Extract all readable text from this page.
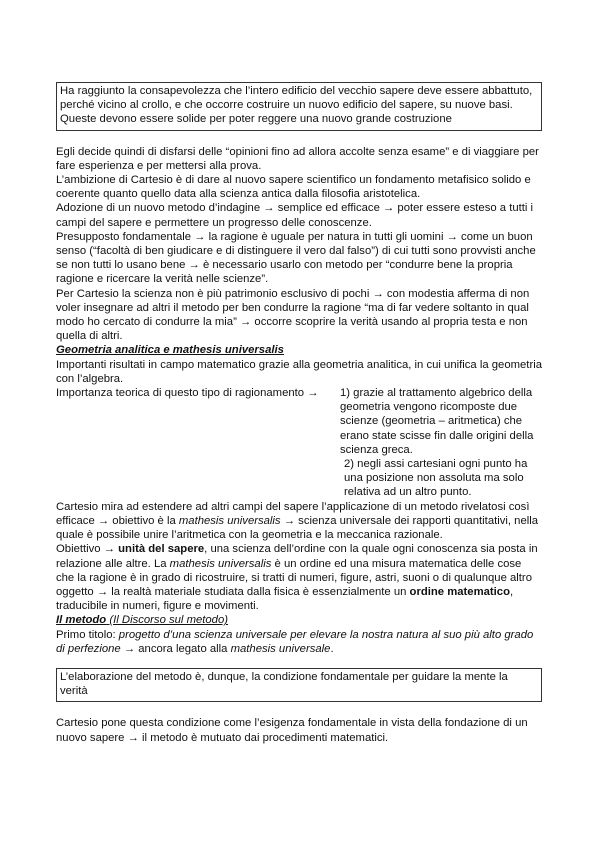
Ha raggiunto la consapevolezza che l’intero edificio del vecchio sapere deve essere abbattuto, perché vicino al crollo, e che occorre costruire un nuovo edificio del sapere, su nuove basi. Queste devono essere solide per poter reggere una nuovo grande costruzione

Egli decide quindi di disfarsi delle “opinioni fino ad allora accolte senza esame” e di viaggiare per fare esperienza e per mettersi alla prova.

L’ambizione di Cartesio è di dare al nuovo sapere scientifico un fondamento metafisico solido e coerente quanto quello data alla scienza antica dalla filosofia aristotelica.

Adozione di un nuovo metodo d’indagine → semplice ed efficace → poter essere esteso a tutti i campi del sapere e permettere un progresso delle conoscenze.

Presupposto fondamentale → la ragione è uguale per natura in tutti gli uomini → come un buon senso (“facoltà di ben giudicare e di distinguere il vero dal falso”) di cui tutti sono provvisti anche se non tutti lo usano bene → è necessario usarlo con metodo per “condurre bene la propria ragione e ricercare la verità nelle scienze”.

Per Cartesio la scienza non è più patrimonio esclusivo di pochi → con modestia afferma di non voler insegnare ad altri il metodo per ben condurre la ragione “ma di far vedere soltanto in qual modo ho cercato di condurre la mia” → occorre scoprire la verità usando al propria testa e non quella di altri.

Geometria analitica e mathesis universalis

Importanti risultati in campo matematico grazie alla geometria analitica, in cui unifica la geometria con l’algebra.

Importanza teorica di questo tipo di ragionamento →	1) grazie al trattamento algebrico della geometria vengono ricomposte due scienze (geometria – aritmetica) che erano state scisse fin dalle origini della scienza greca.

2) negli assi cartesiani ogni punto ha una posizione non assoluta ma solo relativa ad un altro punto.

Cartesio mira ad estendere ad altri campi del sapere l’applicazione di un metodo rivelatosi così efficace → obiettivo è la mathesis universalis → scienza universale dei rapporti quantitativi, nella quale è possibile unire l’aritmetica con la geometria e la meccanica razionale.

Obiettivo → unità del sapere, una scienza dell’ordine con la quale ogni conoscenza sia posta in relazione alle altre. La mathesis universalis è un ordine ed una misura matematica delle cose che la ragione è in grado di ricostruire, si tratti di numeri, figure, astri, suoni o di qualunque altro oggetto → la realtà materiale studiata dalla fisica è essenzialmente un ordine matematico, traducibile in numeri, figure e movimenti.

Il metodo (Il Discorso sul metodo)

Primo titolo: progetto d’una scienza universale per elevare la nostra natura al suo più alto grado di perfezione → ancora legato alla mathesis universale.

L’elaborazione del metodo è, dunque, la condizione fondamentale per guidare la mente la verità

Cartesio pone questa condizione come l’esigenza fondamentale in vista della fondazione di un nuovo sapere → il metodo è mutuato dai procedimenti matematici.
